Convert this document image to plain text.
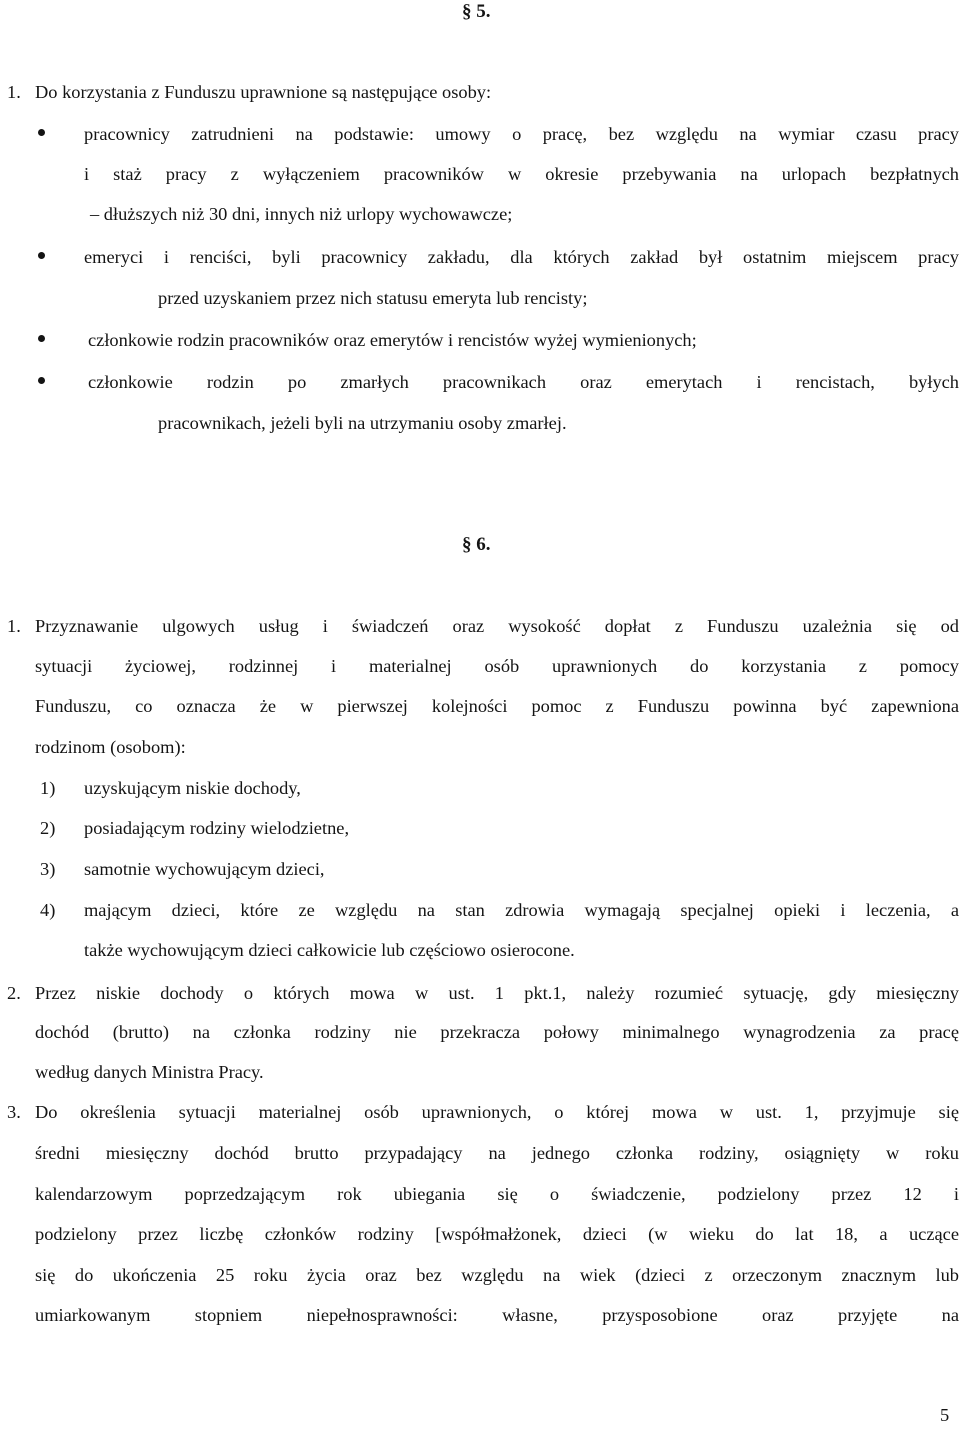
§ 5.
1. Do korzystania z Funduszu uprawnione są następujące osoby:
pracownicy zatrudnieni na podstawie: umowy o pracę, bez względu na wymiar czasu pracy
i staż pracy z wyłączeniem pracowników w okresie przebywania na urlopach bezpłatnych
– dłuższych niż 30 dni, innych niż urlopy wychowawcze;
emeryci i renciści, byli pracownicy zakładu, dla których zakład był ostatnim miejscem pracy
przed uzyskaniem przez nich statusu emeryta lub rencisty;
członkowie rodzin pracowników oraz emerytów i rencistów wyżej wymienionych;
członkowie rodzin po zmarłych pracownikach oraz emerytach i rencistach, byłych
pracownikach, jeżeli byli na utrzymaniu osoby zmarłej.
§ 6.
1. Przyznawanie ulgowych usług i świadczeń oraz wysokość dopłat z Funduszu uzależnia się od
sytuacji życiowej, rodzinnej i materialnej osób uprawnionych do korzystania z pomocy
Funduszu, co oznacza że w pierwszej kolejności pomoc z Funduszu powinna być zapewniona
rodzinom (osobom):
1) uzyskującym niskie dochody,
2) posiadającym rodziny wielodzietne,
3) samotnie wychowującym dzieci,
4) mającym dzieci, które ze względu na stan zdrowia wymagają specjalnej opieki i leczenia, a
także wychowującym dzieci całkowicie lub częściowo osierocone.
2. Przez niskie dochody o których mowa w ust. 1 pkt.1, należy rozumieć sytuację, gdy miesięczny
dochód (brutto) na członka rodziny nie przekracza połowy minimalnego wynagrodzenia za pracę
według danych Ministra Pracy.
3. Do określenia sytuacji materialnej osób uprawnionych, o której mowa w ust. 1, przyjmuje się
średni miesięczny dochód brutto przypadający na jednego członka rodziny, osiągnięty w roku
kalendarzowym poprzedzającym rok ubiegania się o świadczenie, podzielony przez 12 i
podzielony przez liczbę członków rodziny [współmałżonek, dzieci (w wieku do lat 18, a uczące
się do ukończenia 25 roku życia oraz bez względu na wiek (dzieci z orzeczonym znacznym lub
umiarkowanym stopniem niepełnosprawności: własne, przysposobione oraz przyjęte na
5
